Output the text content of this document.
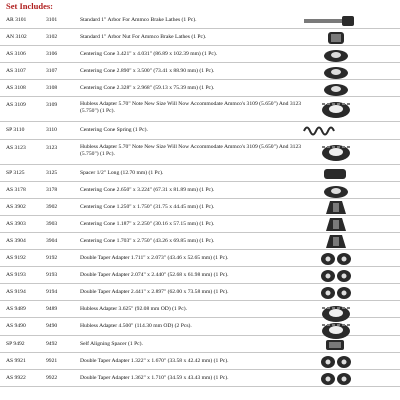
Set Includes:
AR 3101	3101	Standard 1" Arbor For Ammco Brake Lathes (1 Pc).
AN 3102	3102	Standard 1" Arbor Nut For Ammco Brake Lathes (1 Pc).
AS 3106	3106	Centering Cone 3.421" x 4.031" (86.89 x 102.39 mm) (1 Pc).
AS 3107	3107	Centering Cone 2.890" x 3.500" (73.41 x 88.90 mm) (1 Pc).
AS 3108	3108	Centering Cone 2.328" x 2.968" (59.13 x 75.39 mm) (1 Pc).
AS 3109	3109	Hubless Adapter 5.70" Note New Size Will Now Accommodate Ammco's 3109 (5.650") And 3123 (5.750") (1 Pc).
SP 3110	3110	Centering Cone Spring (1 Pc).
AS 3123	3123	Hubless Adapter 5.70" Note New Size Will Now Accommodate Ammco's 3109 (5.650") And 3123 (5.750") (1 Pc).
SP 3125	3125	Spacer 1/2" Long (12.70 mm) (1 Pc).
AS 3178	3178	Centering Cone 2.650" x 3.224" (67.31 x 81.89 mm) (1 Pc).
AS 3902	3902	Centering Cone 1.250" x 1.750" (31.75 x 44.45 mm) (1 Pc).
AS 3903	3903	Centering Cone 1.187" x 2.250" (30.16 x 57.15 mm) (1 Pc).
AS 3904	3904	Centering Cone 1.703" x 2.750" (43.26 x 69.85 mm) (1 Pc).
AS 9192	9192	Double Taper Adapter 1.711" x 2.073" (43.46 x 52.65 mm) (1 Pc).
AS 9193	9193	Double Taper Adapter 2.074" x 2.440" (52.68 x 61.98 mm) (1 Pc).
AS 9194	9194	Double Taper Adapter 2.441" x 2.897" (62.00 x 73.58 mm) (1 Pc).
AS 9489	9489	Hubless Adapter 3.625" (92.08 mm OD) (1 Pc).
AS 9490	9490	Hubless Adapter 4.500" (114.30 mm OD) (2 Pcs).
SP 9492	9492	Self Aligning Spacer (1 Pc).
AS 9921	9921	Double Taper Adapter 1.322" x 1.670" (33.58 x 42.42 mm) (1 Pc).
AS 9922	9922	Double Taper Adapter 1.362" x 1.710" (34.59 x 43.43 mm) (1 Pc).
